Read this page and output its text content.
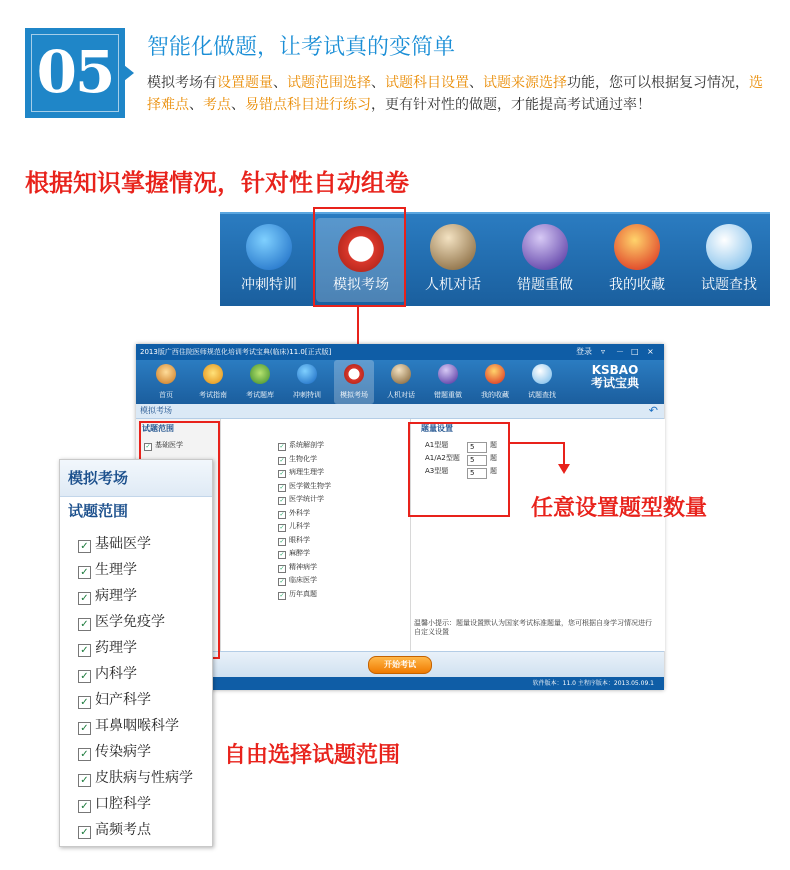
05	智能化做题，让考试真的变简单
模拟考场有设置题量、试题范围选择、试题科目设置、试题来源选择功能，您可以根据复习情况，选择难点、考点、易错点科目进行练习，更有针对性的做题，才能提高考试通过率！
根据知识掌握情况，针对性自动组卷
冲刺特训	模拟考场	人机对话	错题重做	我的收藏	试题查找
2013版广西住院医师规范化培训考试宝典(临床)11.0[正式版]	登录 ▿ － □ ×
KSBAO
考试宝典
首页	考试指南	考试题库	冲刺特训	模拟考场	人机对话	错题重做	我的收藏	试题查找
模拟考场	↶
试题范围
✓ 基础医学	✓ 系统解剖学
✓ 生物化学
✓ 病理生理学
✓ 医学微生物学
✓ 医学统计学
✓ 外科学
✓ 儿科学
✓ 眼科学
✓ 麻醉学
✓ 精神病学
✓ 临床医学
✓ 历年真题
题量设置
温馨小提示：题量设置默认为国家考试标准题量，您可根据自身学习情况进行自定义设置
A1型题	5 题
A1/A2型题 5 题
A3型题	5 题
开始考试
软件版本：11.0 主程序版本：2013.05.09.1
任意设置题型数量
模拟考场
试题范围
✓ 基础医学
✓ 生理学
✓ 病理学
✓ 医学免疫学
✓ 药理学
✓ 内科学
✓ 妇产科学
✓ 耳鼻咽喉科学
✓ 传染病学
✓ 皮肤病与性病学
✓ 口腔科学
✓ 高频考点
自由选择试题范围
